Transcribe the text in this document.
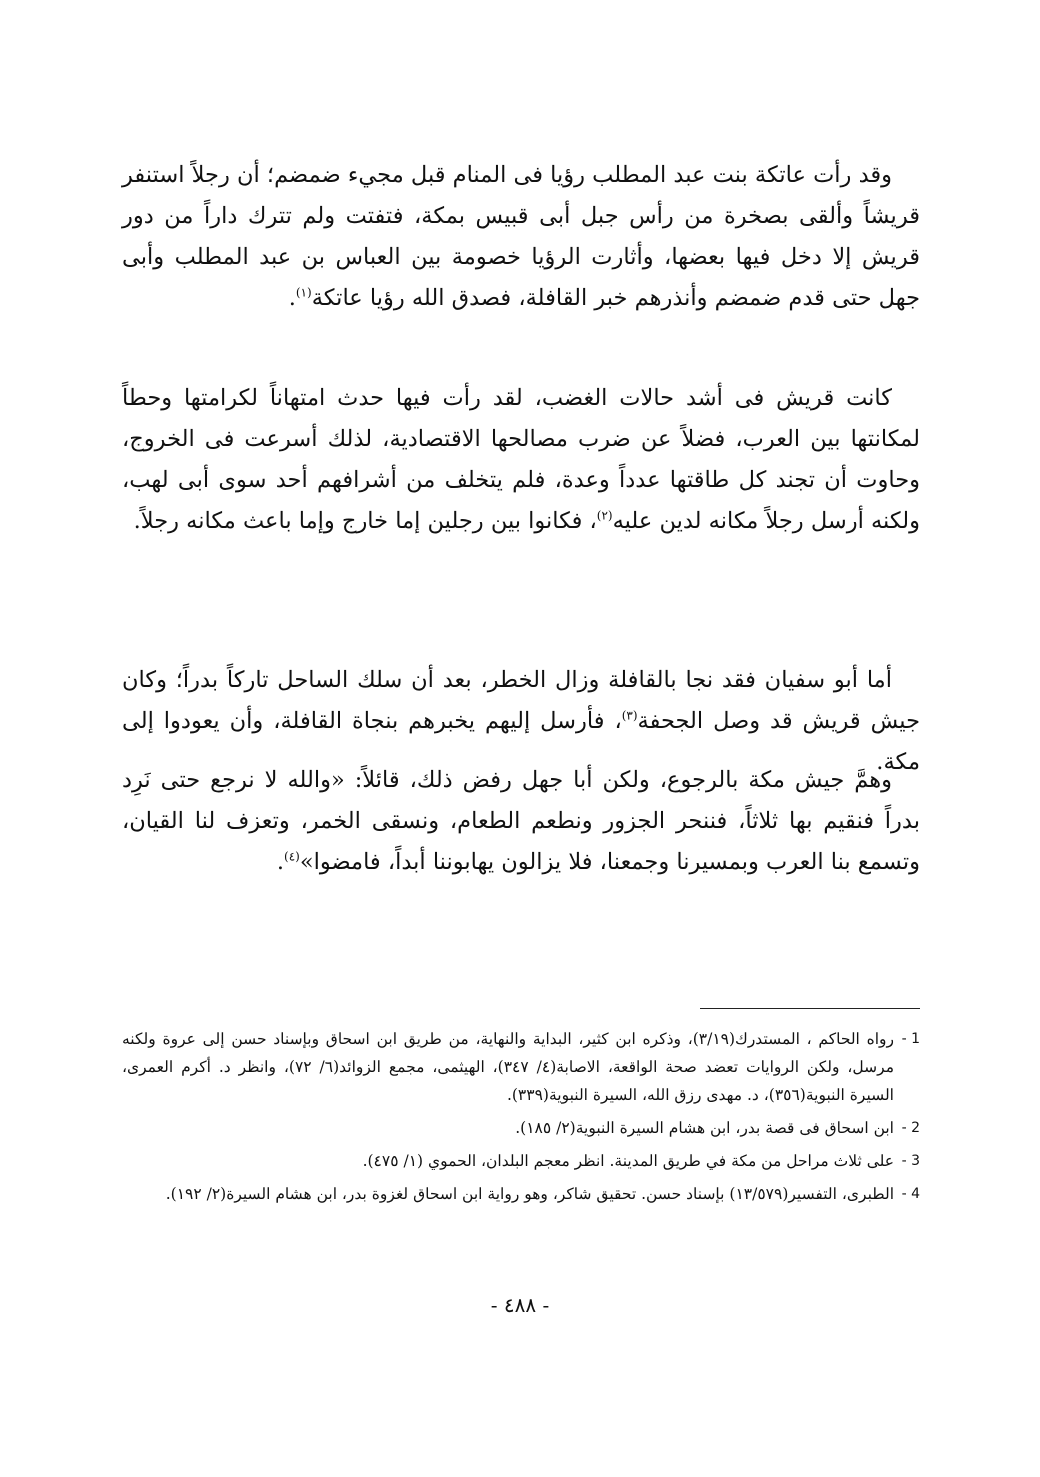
وقد رأت عاتكة بنت عبد المطلب رؤيا فى المنام قبل مجيء ضمضم؛ أن رجلاً استنفر قريشاً وألقى بصخرة من رأس جبل أبى قبيس بمكة، فتفتت ولم تترك داراً من دور قريش إلا دخل فيها بعضها، وأثارت الرؤيا خصومة بين العباس بن عبد المطلب وأبى جهل حتى قدم ضمضم وأنذرهم خبر القافلة، فصدق الله رؤيا عاتكة$^{(١)}$.

كانت قريش فى أشد حالات الغضب، لقد رأت فيها حدث امتهاناً لكرامتها وحطاً لمكانتها بين العرب، فضلاً عن ضرب مصالحها الاقتصادية، لذلك أسرعت فى الخروج، وحاوت أن تجند كل طاقتها عدداً وعدة، فلم يتخلف من أشرافهم أحد سوى أبى لهب، ولكنه أرسل رجلاً مكانه لدين عليه$^{(٢)}$، فكانوا بين رجلين إما خارج وإما باعث مكانه رجلاً.

أما أبو سفيان فقد نجا بالقافلة وزال الخطر، بعد أن سلك الساحل تاركاً بدراً؛ وكان جيش قريش قد وصل الجحفة$^{(٣)}$، فأرسل إليهم يخبرهم بنجاة القافلة، وأن يعودوا إلى مكة.

وهمَّ جيش مكة بالرجوع، ولكن أبا جهل رفض ذلك، قائلاً: «والله لا نرجع حتى نَرِد بدراً فنقيم بها ثلاثاً، فننحر الجزور ونطعم الطعام، ونسقى الخمر، وتعزف لنا القيان، وتسمع بنا العرب وبمسيرنا وجمعنا، فلا يزالون يهابوننا أبداً، فامضوا»$^{(٤)}$.

1 -
رواه الحاكم ، المستدرك(٣/١٩)، وذكره ابن كثير، البداية والنهاية، من طريق ابن اسحاق وبإسناد حسن إلى عروة ولكنه مرسل، ولكن الروايات تعضد صحة الواقعة، الاصابة(٤/ ٣٤٧)، الهيثمى، مجمع الزوائد(٦/ ٧٢)، وانظر د. أكرم العمرى، السيرة النبوية(٣٥٦)، د. مهدى رزق الله، السيرة النبوية(٣٣٩).
2 -
ابن اسحاق فى قصة بدر، ابن هشام السيرة النبوية(٢/ ١٨٥).
3 -
على ثلاث مراحل من مكة في طريق المدينة. انظر معجم البلدان، الحموي (١/ ٤٧٥).
4 -
الطبرى، التفسير(١٣/٥٧٩) بإسناد حسن. تحقيق شاكر، وهو رواية ابن اسحاق لغزوة بدر، ابن هشام السيرة(٢/ ١٩٢).
- ٤٨٨ -
